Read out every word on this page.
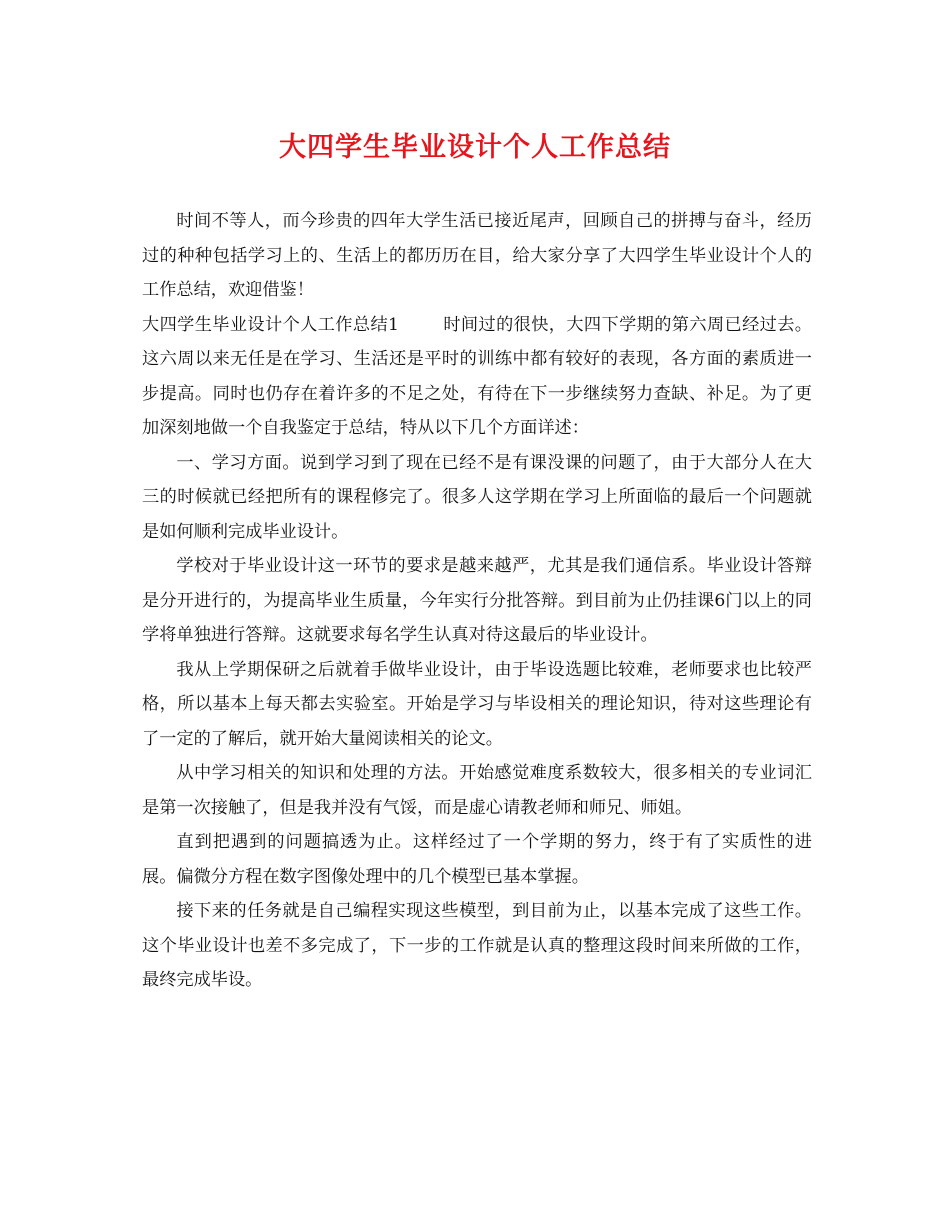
大四学生毕业设计个人工作总结

时间不等人，而今珍贵的四年大学生活已接近尾声，回顾自己的拼搏与奋斗，经历过的种种包括学习上的、生活上的都历历在目，给大家分享了大四学生毕业设计个人的工作总结，欢迎借鉴！

大四学生毕业设计个人工作总结1	时间过的很快，大四下学期的第六周已经过去。这六周以来无任是在学习、生活还是平时的训练中都有较好的表现，各方面的素质进一步提高。同时也仍存在着许多的不足之处，有待在下一步继续努力查缺、补足。为了更加深刻地做一个自我鉴定于总结，特从以下几个方面详述：

一、学习方面。说到学习到了现在已经不是有课没课的问题了，由于大部分人在大三的时候就已经把所有的课程修完了。很多人这学期在学习上所面临的最后一个问题就是如何顺利完成毕业设计。

学校对于毕业设计这一环节的要求是越来越严，尤其是我们通信系。毕业设计答辩是分开进行的，为提高毕业生质量，今年实行分批答辩。到目前为止仍挂课6门以上的同学将单独进行答辩。这就要求每名学生认真对待这最后的毕业设计。

我从上学期保研之后就着手做毕业设计，由于毕设选题比较难，老师要求也比较严格，所以基本上每天都去实验室。开始是学习与毕设相关的理论知识，待对这些理论有了一定的了解后，就开始大量阅读相关的论文。

从中学习相关的知识和处理的方法。开始感觉难度系数较大，很多相关的专业词汇是第一次接触了，但是我并没有气馁，而是虚心请教老师和师兄、师姐。

直到把遇到的问题搞透为止。这样经过了一个学期的努力，终于有了实质性的进展。偏微分方程在数字图像处理中的几个模型已基本掌握。

接下来的任务就是自己编程实现这些模型，到目前为止，以基本完成了这些工作。这个毕业设计也差不多完成了，下一步的工作就是认真的整理这段时间来所做的工作，最终完成毕设。
